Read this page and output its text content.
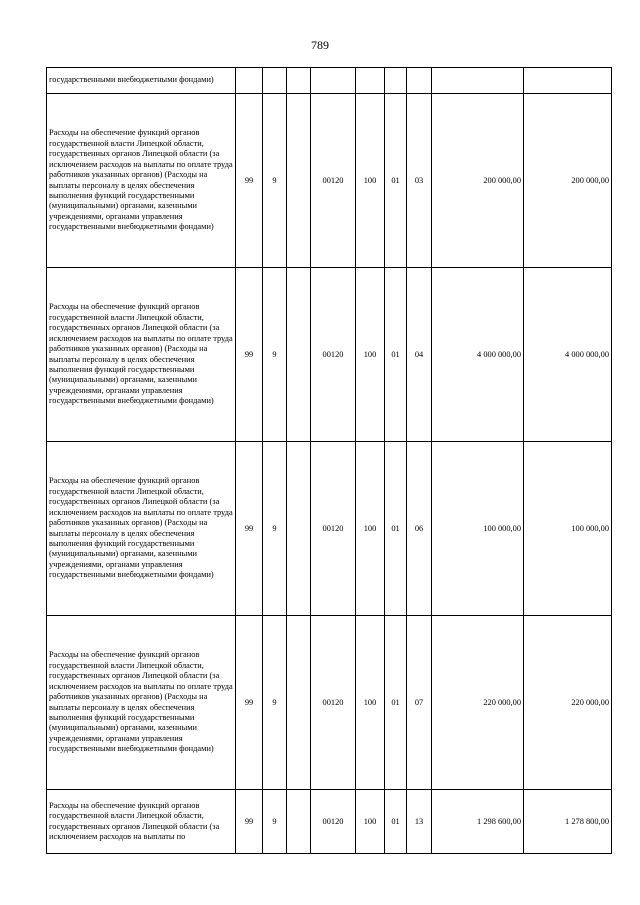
789
государственными внебюджетными фондами)									
Расходы на обеспечение функций органов государственной власти Липецкой области, государственных органов Липецкой области (за исключением расходов на выплаты по оплате труда работников указанных органов) (Расходы на выплаты персоналу в целях обеспечения выполнения функций государственными (муниципальными) органами, казенными учреждениями, органами управления государственными внебюджетными фондами)	99	9		00120	100	01	03	200 000,00	200 000,00
Расходы на обеспечение функций органов государственной власти Липецкой области, государственных органов Липецкой области (за исключением расходов на выплаты по оплате труда работников указанных органов) (Расходы на выплаты персоналу в целях обеспечения выполнения функций государственными (муниципальными) органами, казенными учреждениями, органами управления государственными внебюджетными фондами)	99	9		00120	100	01	04	4 000 000,00	4 000 000,00
Расходы на обеспечение функций органов государственной власти Липецкой области, государственных органов Липецкой области (за исключением расходов на выплаты по оплате труда работников указанных органов) (Расходы на выплаты персоналу в целях обеспечения выполнения функций государственными (муниципальными) органами, казенными учреждениями, органами управления государственными внебюджетными фондами)	99	9		00120	100	01	06	100 000,00	100 000,00
Расходы на обеспечение функций органов государственной власти Липецкой области, государственных органов Липецкой области (за исключением расходов на выплаты по оплате труда работников указанных органов) (Расходы на выплаты персоналу в целях обеспечения выполнения функций государственными (муниципальными) органами, казенными учреждениями, органами управления государственными внебюджетными фондами)	99	9		00120	100	01	07	220 000,00	220 000,00
Расходы на обеспечение функций органов государственной власти Липецкой области, государственных органов Липецкой области (за исключением расходов на выплаты по	99	9		00120	100	01	13	1 298 600,00	1 278 800,00
